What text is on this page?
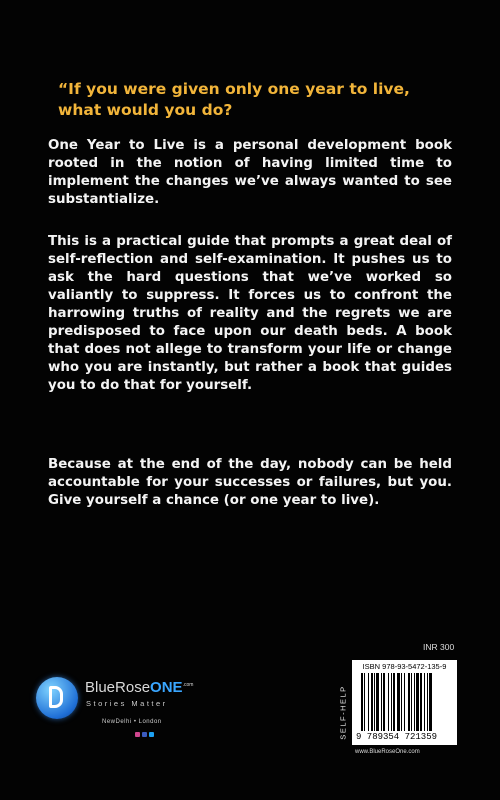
“If you were given only one year to live, what would you do?
One Year to Live is a personal development book rooted in the notion of having limited time to implement the changes we’ve always wanted to see substantialize.
This is a practical guide that prompts a great deal of self-reflection and self-examination. It pushes us to ask the hard questions that we’ve worked so valiantly to suppress. It forces us to confront the harrowing truths of reality and the regrets we are predisposed to face upon our death beds. A book that does not allege to transform your life or change who you are instantly, but rather a book that guides you to do that for yourself.
Because at the end of the day, nobody can be held accountable for your successes or failures, but you. Give yourself a chance (or one year to live).
BlueRoseONE$^{.com}$
Stories Matter
NewDelhi • London	SELF-HELP
INR 300
ISBN 978-93-5472-135-9
9 789354 721359
www.BlueRoseOne.com
